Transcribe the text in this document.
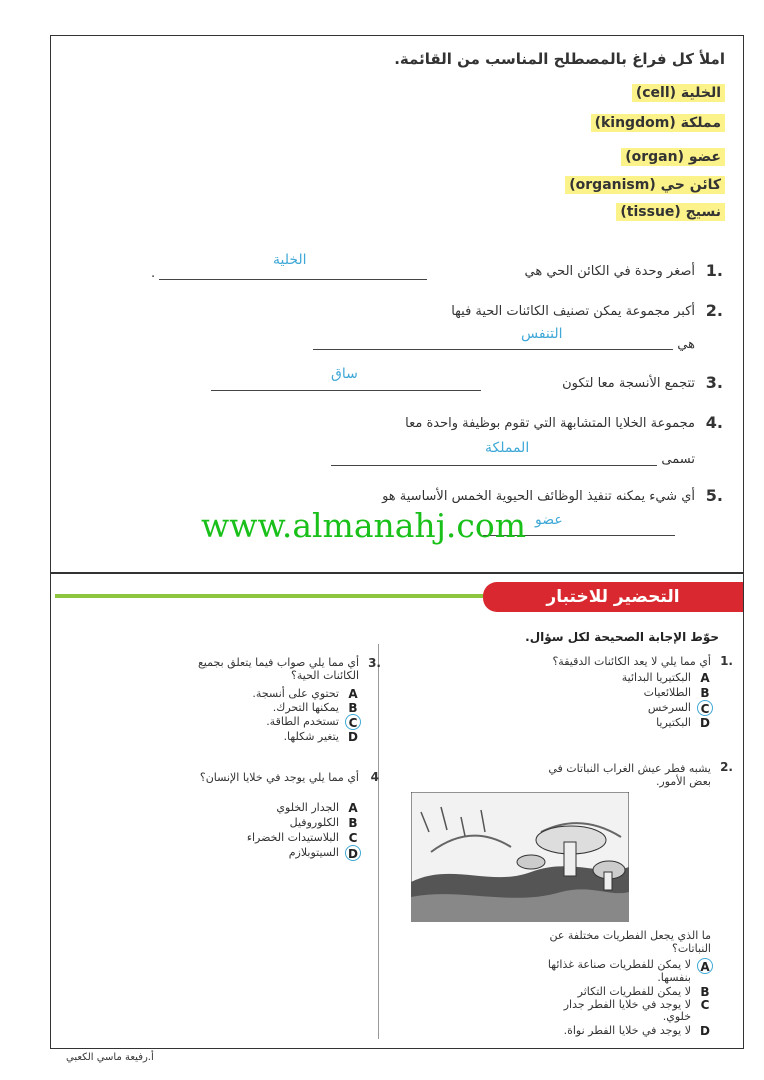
املأ كل فراغ بالمصطلح المناسب من القائمة.
الخلية (cell)
مملكة (kingdom)
عضو (organ)
كائن حي (organism)
نسيج (tissue)
1.
أصغر وحدة في الكائن الحي هي
.
الخلية
2.
أكبر مجموعة يمكن تصنيف الكائنات الحية فيها
هي
التنفس
3.
تتجمع الأنسجة معا لتكون
ساق
4.
مجموعة الخلايا المتشابهة التي تقوم بوظيفة واحدة معا
تسمى
المملكة
5.
أي شيء يمكنه تنفيذ الوظائف الحيوية الخمس الأساسية هو
عضو
www.almanahj.com
التحضير للاختبار
حوّط الإجابة الصحيحة لكل سؤال.
1.
أي مما يلي لا يعد الكائنات الدقيقة؟
A
البكتيريا البدائية
B
الطلائعيات
C
السرخس
D
البكتيريا
2.
يشبه فطر عيش الغراب النباتات في
بعض الأمور.
ما الذي يجعل الفطريات مختلفة عن
النباتات؟
A
لا يمكن للفطريات صناعة غذائها
بنفسها.
B
لا يمكن للفطريات التكاثر
C
لا يوجد في خلايا الفطر جدار
خلوي.
D
لا يوجد في خلايا الفطر نواة.
3.
أي مما يلي صواب فيما يتعلق بجميع
الكائنات الحية؟
A
تحتوي على أنسجة.
B
يمكنها التحرك.
C
تستخدم الطاقة.
D
يتغير شكلها.
4
أي مما يلي يوجد في خلايا الإنسان؟
A
الجدار الخلوي
B
الكلوروفيل
C
البلاستيدات الخضراء
D
السيتوبلازم
أ.رفيعة ماسي الكعبي
